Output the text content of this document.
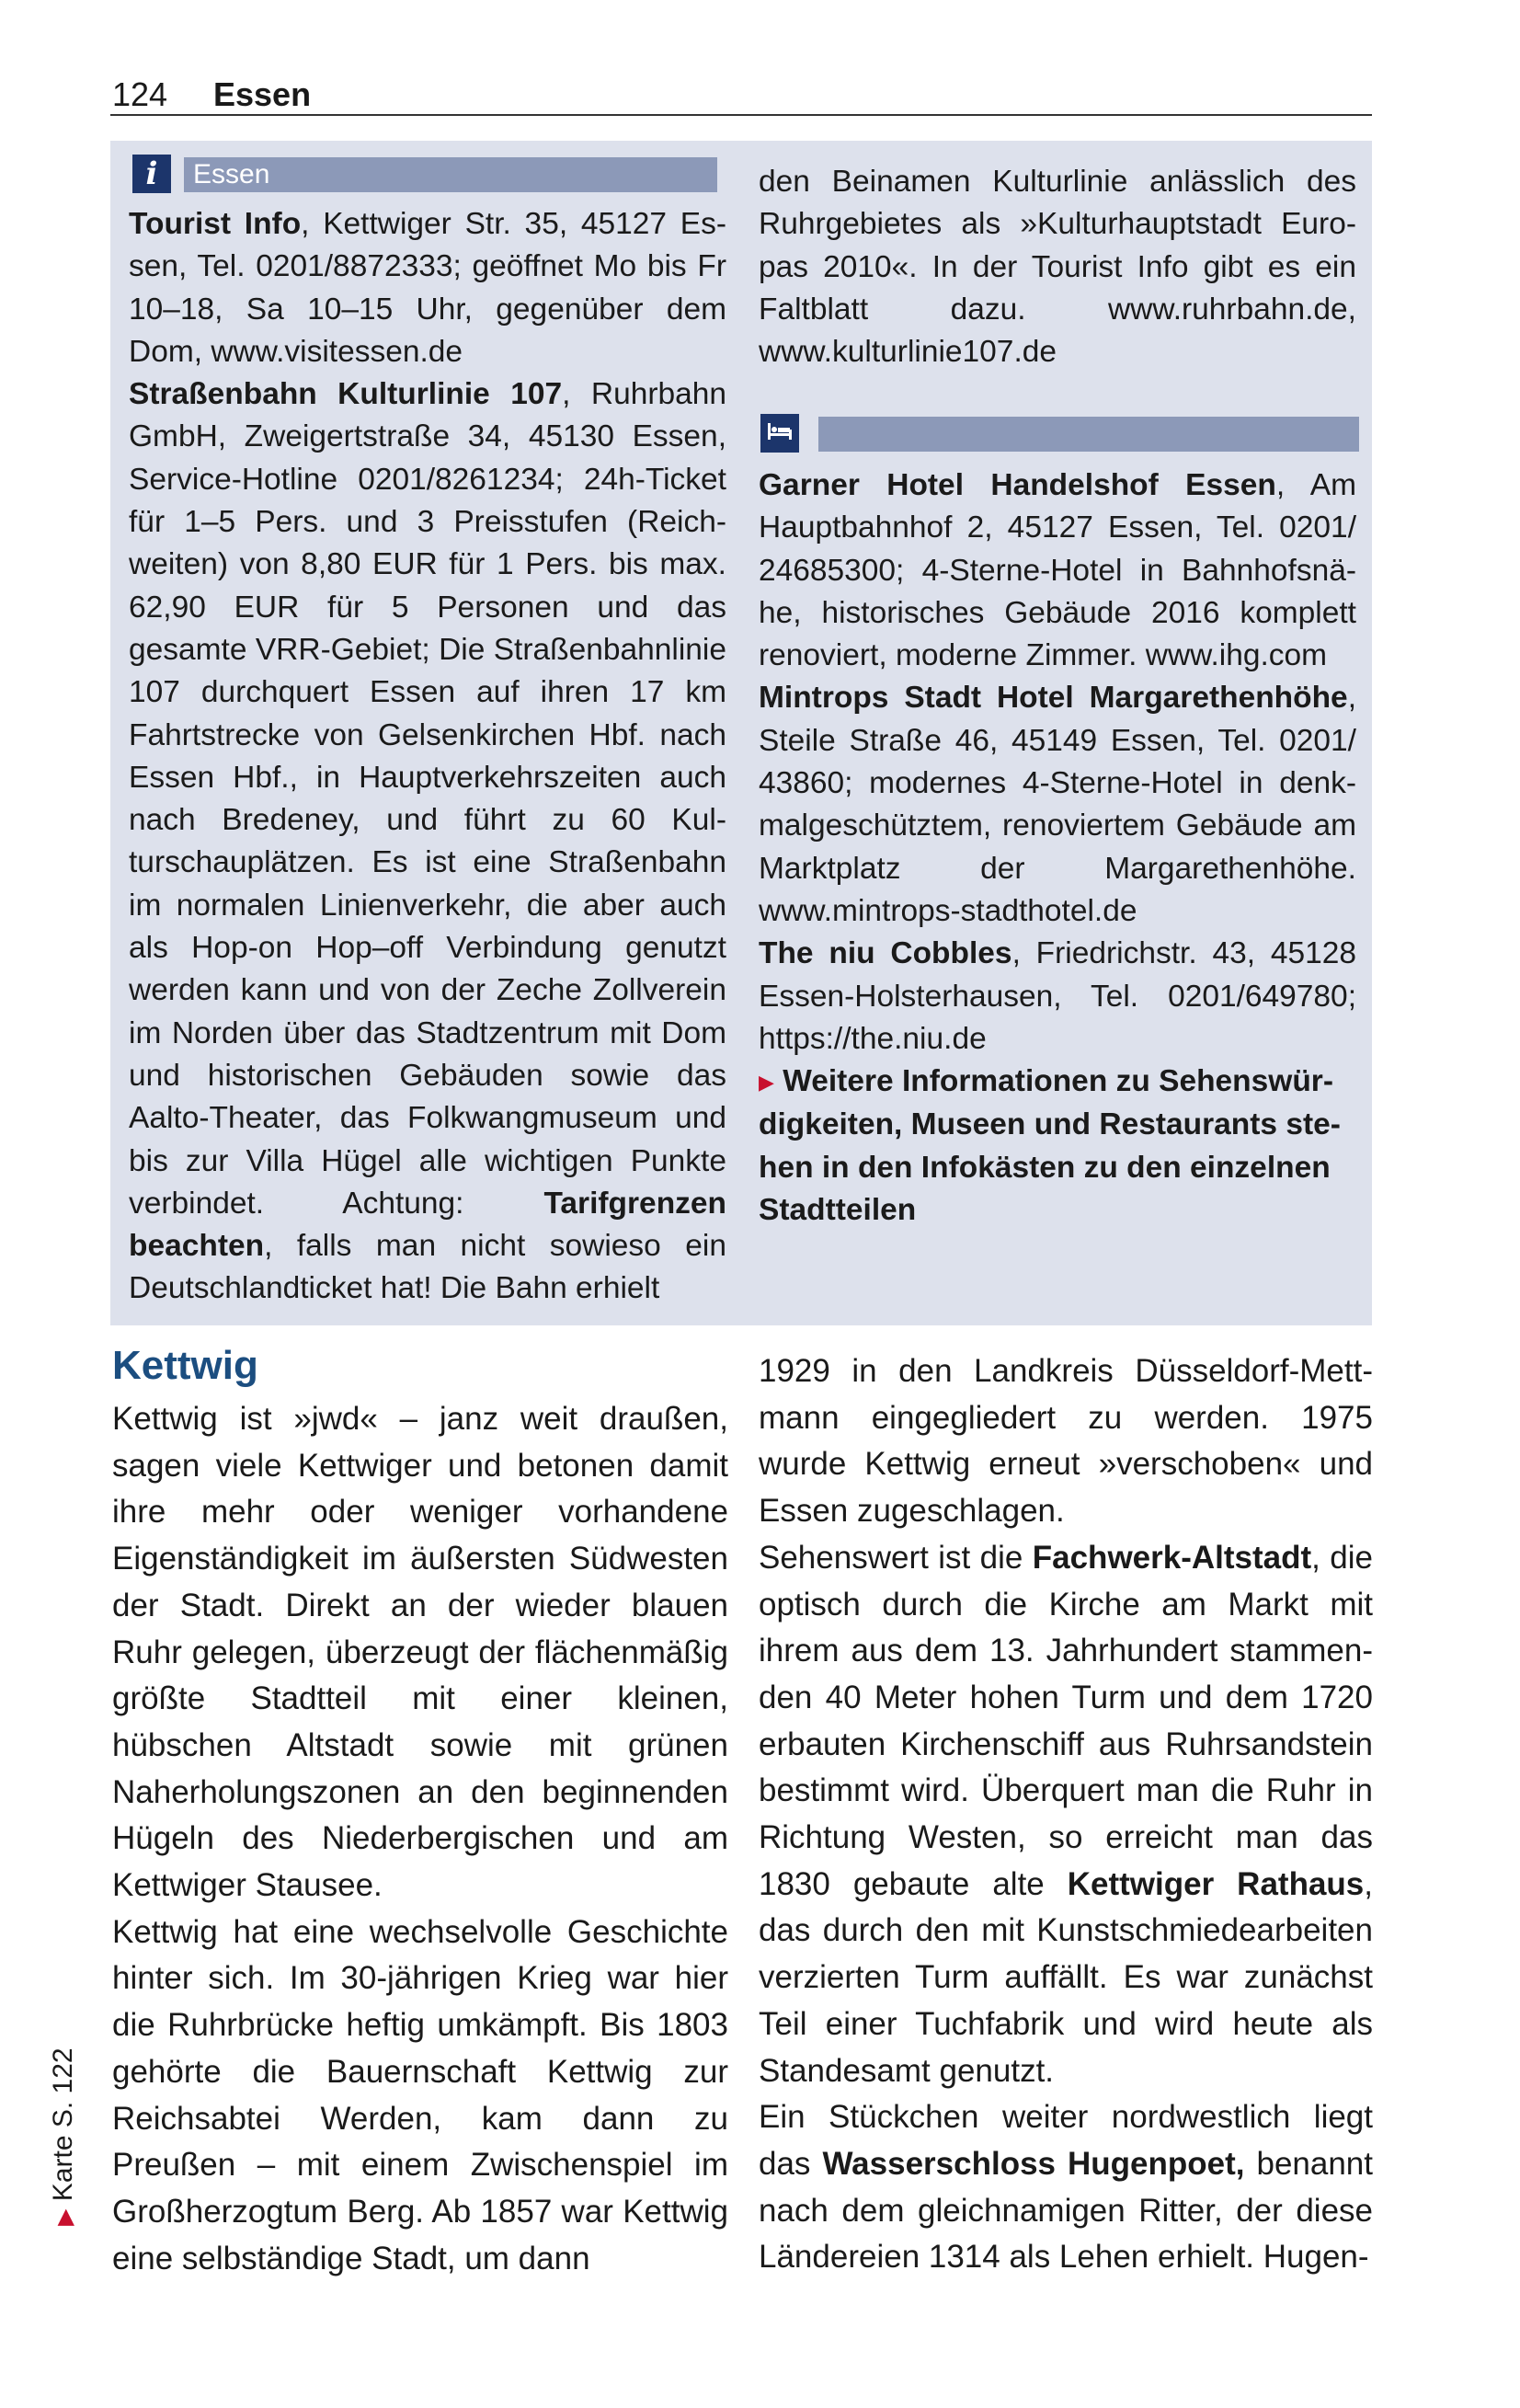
124 Essen
i	Essen

Tourist Info, Kettwiger Str. 35, 45127 Essen, Tel. 0201/8872333; geöffnet Mo bis Fr 10–18, Sa 10–15 Uhr, gegenüber dem Dom, www.visitessen.de

Straßenbahn Kulturlinie 107, Ruhrbahn GmbH, Zweigertstraße 34, 45130 Essen, Service-Hotline 0201/8261234; 24h-Ticket für 1–5 Pers. und 3 Preisstufen (Reichweiten) von 8,80 EUR für 1 Pers. bis max. 62,90 EUR für 5 Personen und das gesamte VRR-Gebiet; Die Straßenbahnlinie 107 durchquert Essen auf ihren 17 km Fahrtstrecke von Gelsenkirchen Hbf. nach Essen Hbf., in Hauptverkehrszeiten auch nach Bredeney, und führt zu 60 Kulturschauplätzen. Es ist eine Straßenbahn im normalen Linienverkehr, die aber auch als Hop-on Hop–off Verbindung genutzt werden kann und von der Zeche Zollverein im Norden über das Stadtzentrum mit Dom und historischen Gebäuden sowie das Aalto-Theater, das Folkwangmuseum und bis zur Villa Hügel alle wichtigen Punkte verbindet. Achtung: Tarifgrenzen beachten, falls man nicht sowieso ein Deutschlandticket hat! Die Bahn erhielt

den Beinamen Kulturlinie anlässlich des Ruhrgebietes als »Kulturhauptstadt Europas 2010«. In der Tourist Info gibt es ein Faltblatt dazu. www.ruhrbahn.de, www.kulturlinie107.de

Garner Hotel Handelshof Essen, Am Hauptbahnhof 2, 45127 Essen, Tel. 0201/ 24685300; 4-Sterne-Hotel in Bahnhofsnähe, historisches Gebäude 2016 komplett renoviert, moderne Zimmer. www.ihg.com

Mintrops Stadt Hotel Margarethenhöhe, Steile Straße 46, 45149 Essen, Tel. 0201/ 43860; modernes 4-Sterne-Hotel in denkmalgeschütztem, renoviertem Gebäude am Marktplatz der Margarethenhöhe. www.mintrops-stadthotel.de

The niu Cobbles, Friedrichstr. 43, 45128 Essen-Holsterhausen, Tel. 0201/649780; https://the.niu.de

▶ Weitere Informationen zu Sehenswürdigkeiten, Museen und Restaurants stehen in den Infokästen zu den einzelnen Stadtteilen

Kettwig

Kettwig ist »jwd« – janz weit draußen, sagen viele Kettwiger und betonen damit ihre mehr oder weniger vorhandene Eigenständigkeit im äußersten Südwesten der Stadt. Direkt an der wieder blauen Ruhr gelegen, überzeugt der flächenmäßig größte Stadtteil mit einer kleinen, hübschen Altstadt sowie mit grünen Naherholungszonen an den beginnenden Hügeln des Niederbergischen und am Kettwiger Stausee.

Kettwig hat eine wechselvolle Geschichte hinter sich. Im 30-jährigen Krieg war hier die Ruhrbrücke heftig umkämpft. Bis 1803 gehörte die Bauernschaft Kettwig zur Reichsabtei Werden, kam dann zu Preußen – mit einem Zwischenspiel im Großherzogtum Berg. Ab 1857 war Kettwig eine selbständige Stadt, um dann

1929 in den Landkreis Düsseldorf-Mettmann eingegliedert zu werden. 1975 wurde Kettwig erneut »verschoben« und Essen zugeschlagen.

Sehenswert ist die Fachwerk-Altstadt, die optisch durch die Kirche am Markt mit ihrem aus dem 13. Jahrhundert stammenden 40 Meter hohen Turm und dem 1720 erbauten Kirchenschiff aus Ruhrsandstein bestimmt wird. Überquert man die Ruhr in Richtung Westen, so erreicht man das 1830 gebaute alte Kettwiger Rathaus, das durch den mit Kunstschmiedearbeiten verzierten Turm auffällt. Es war zunächst Teil einer Tuchfabrik und wird heute als Standesamt genutzt.

Ein Stückchen weiter nordwestlich liegt das Wasserschloss Hugenpoet, benannt nach dem gleichnamigen Ritter, der diese Ländereien 1314 als Lehen erhielt. Hugen-

▶ Karte S. 122
